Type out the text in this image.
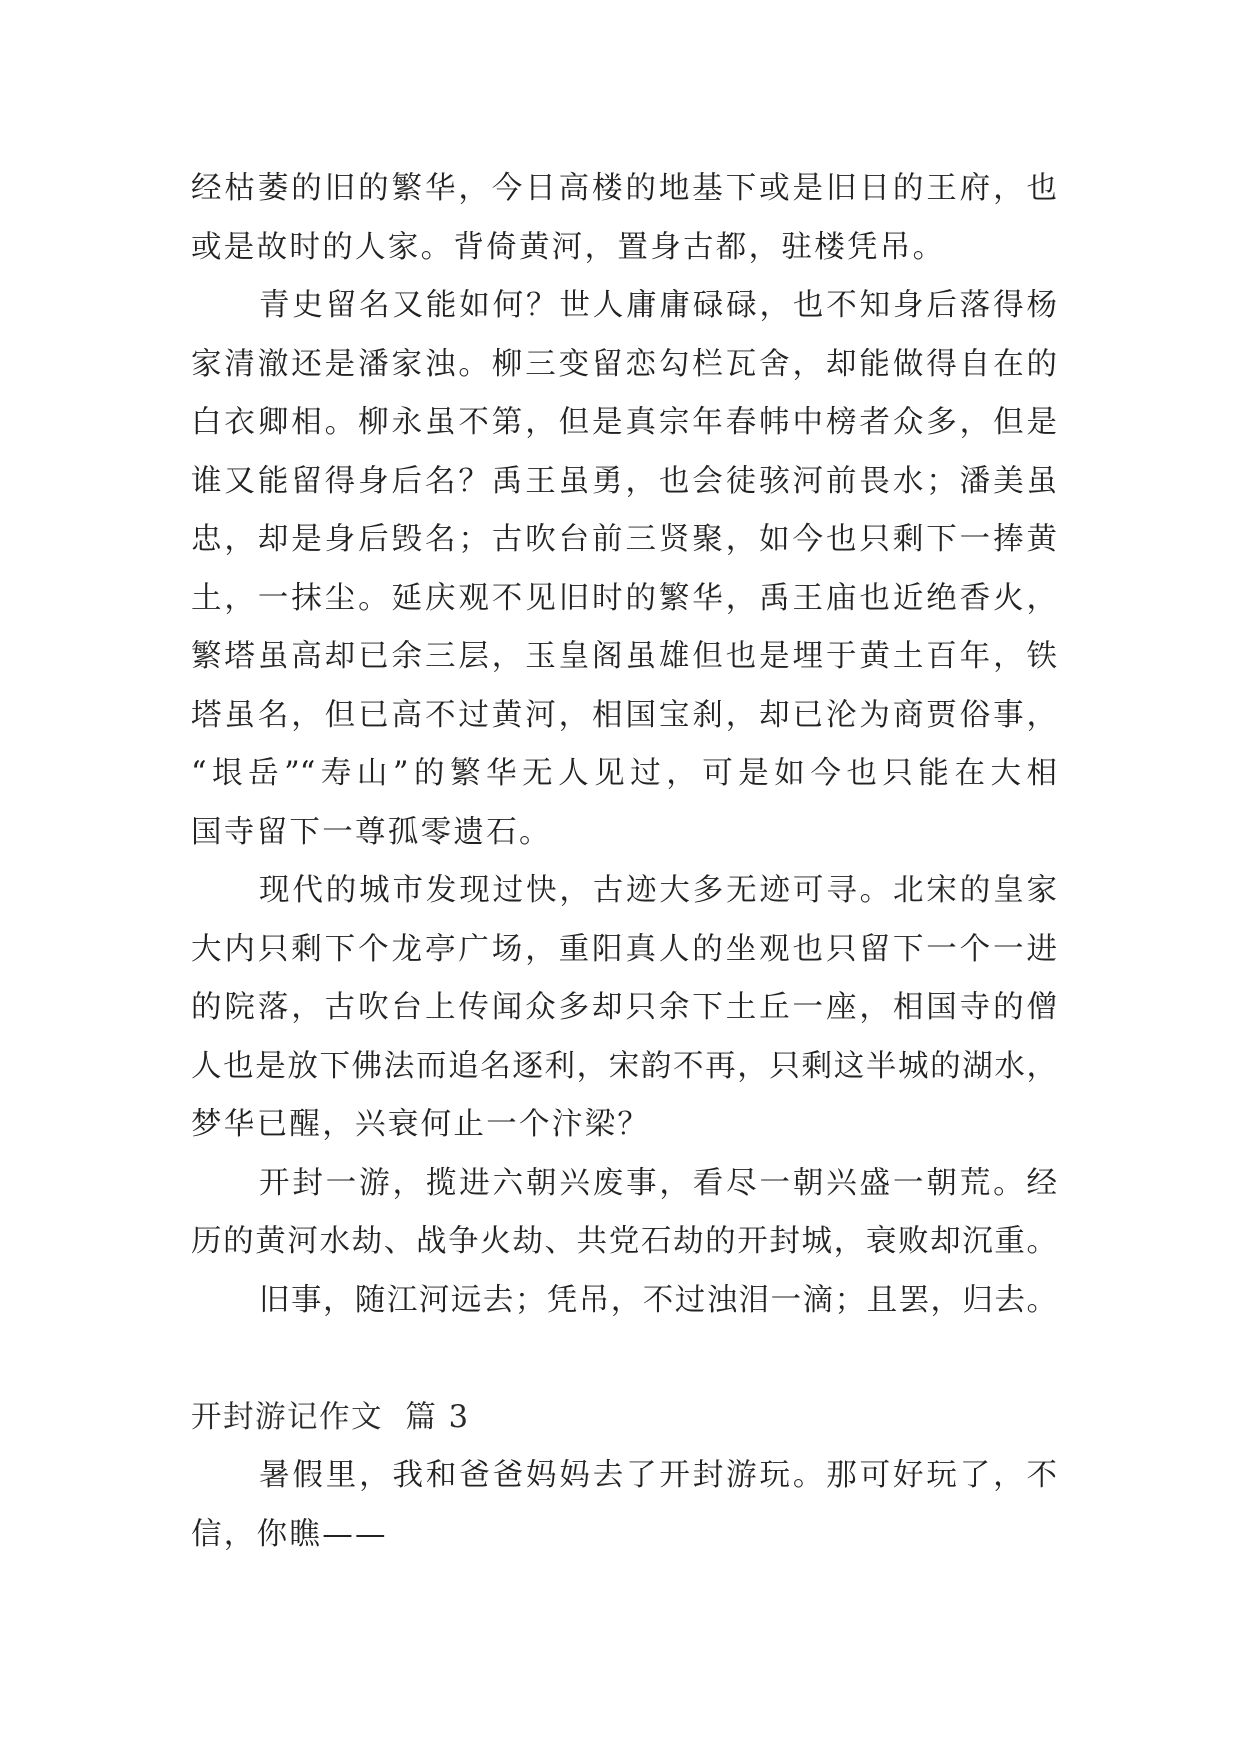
经枯萎的旧的繁华，今日高楼的地基下或是旧日的王府，也
或是故时的人家。背倚黄河，置身古都，驻楼凭吊。
青史留名又能如何？世人庸庸碌碌，也不知身后落得杨
家清澈还是潘家浊。柳三变留恋勾栏瓦舍，却能做得自在的
白衣卿相。柳永虽不第，但是真宗年春帏中榜者众多，但是
谁又能留得身后名？禹王虽勇，也会徒骇河前畏水；潘美虽
忠，却是身后毁名；古吹台前三贤聚，如今也只剩下一捧黄
土，一抹尘。延庆观不见旧时的繁华，禹王庙也近绝香火，
繁塔虽高却已余三层，玉皇阁虽雄但也是埋于黄土百年，铁
塔虽名，但已高不过黄河，相国宝刹，却已沦为商贾俗事，
“垠岳”“寿山”的繁华无人见过，可是如今也只能在大相
国寺留下一尊孤零遗石。
现代的城市发现过快，古迹大多无迹可寻。北宋的皇家
大内只剩下个龙亭广场，重阳真人的坐观也只留下一个一进
的院落，古吹台上传闻众多却只余下土丘一座，相国寺的僧
人也是放下佛法而追名逐利，宋韵不再，只剩这半城的湖水，
梦华已醒，兴衰何止一个汴梁？
开封一游，揽进六朝兴废事，看尽一朝兴盛一朝荒。经
历的黄河水劫、战争火劫、共党石劫的开封城，衰败却沉重。
旧事，随江河远去；凭吊，不过浊泪一滴；且罢，归去。
开封游记作文  篇 3
暑假里，我和爸爸妈妈去了开封游玩。那可好玩了，不
信，你瞧——
